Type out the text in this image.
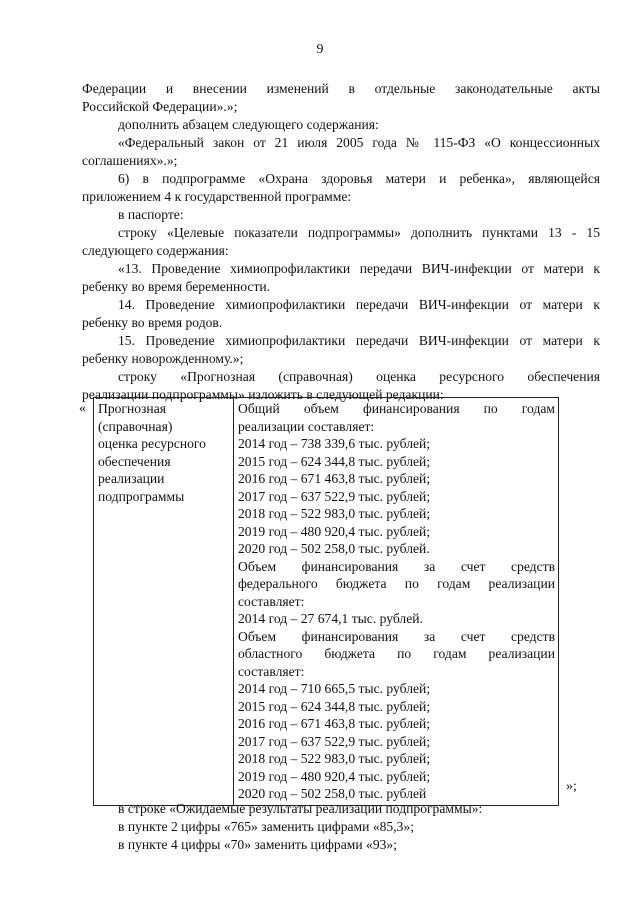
9

Федерации и внесении изменений в отдельные законодательные акты
Российской Федерации».»;

дополнить абзацем следующего содержания:

«Федеральный закон от 21 июля 2005 года № 115-ФЗ «О концессионных
соглашениях».»;

6) в подпрограмме «Охрана здоровья матери и ребенка», являющейся
приложением 4 к государственной программе:

в паспорте:

строку «Целевые показатели подпрограммы» дополнить пунктами 13 - 15
следующего содержания:

«13. Проведение химиопрофилактики передачи ВИЧ-инфекции от матери к
ребенку во время беременности.

14. Проведение химиопрофилактики передачи ВИЧ-инфекции от матери к
ребенку во время родов.

15. Проведение химиопрофилактики передачи ВИЧ-инфекции от матери к
ребенку новорожденному.»;

строку «Прогнозная (справочная) оценка ресурсного обеспечения
реализации подпрограммы» изложить в следующей редакции:

« Прогнозная
(справочная)
оценка ресурсного
обеспечения
реализации
подпрограммы

Общий объем финансирования по годам
реализации составляет:
2014 год – 738 339,6 тыс. рублей;
2015 год – 624 344,8 тыс. рублей;
2016 год – 671 463,8 тыс. рублей;
2017 год – 637 522,9 тыс. рублей;
2018 год – 522 983,0 тыс. рублей;
2019 год – 480 920,4 тыс. рублей;
2020 год – 502 258,0 тыс. рублей.
Объем финансирования за счет средств
федерального бюджета по годам реализации
составляет:
2014 год – 27 674,1 тыс. рублей.
Объем финансирования за счет средств
областного бюджета по годам реализации
составляет:
2014 год – 710 665,5 тыс. рублей;
2015 год – 624 344,8 тыс. рублей;
2016 год – 671 463,8 тыс. рублей;
2017 год – 637 522,9 тыс. рублей;
2018 год – 522 983,0 тыс. рублей;
2019 год – 480 920,4 тыс. рублей;
2020 год – 502 258,0 тыс. рублей	»;

в строке «Ожидаемые результаты реализации подпрограммы»:

в пункте 2 цифры «765» заменить цифрами «85,3»;

в пункте 4 цифры «70» заменить цифрами «93»;
